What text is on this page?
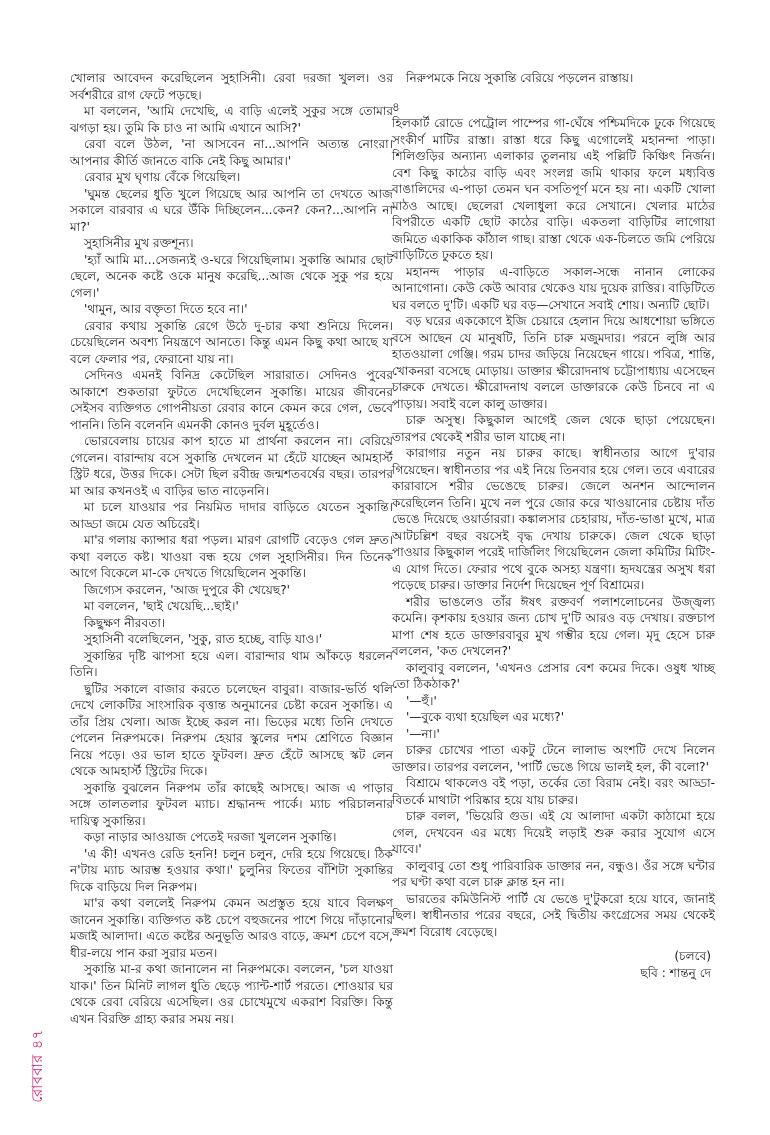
খোলার আবেদন করেছিলেন সুহাসিনী। রেবা দরজা খুলল। ওর সর্বশরীরে রাগ ফেটে পড়ছে।

মা বললেন, 'আমি দেখেছি, এ বাড়ি এলেই সুকুর সঙ্গে তোমার ঝগড়া হয়। তুমি কি চাও না আমি এখানে আসি?'

রেবা বলে উঠল, 'না আসবেন না...আপনি অত্যন্ত নোংরা। আপনার কীর্তি জানতে বাকি নেই কিছু আমার।'

রেবার মুখ ঘৃণায় বেঁকে গিয়েছিল।

'ঘুমন্ত ছেলের ধুতি খুলে গিয়েছে আর আপনি তা দেখতে আজ সকালে বারবার এ ঘরে উঁকি দিচ্ছিলেন...কেন? কেন?...আপনি না মা?'

সুহাসিনীর মুখ রক্তশূন্য।

'হ্যাঁ আমি মা...সেজন্যই ও-ঘরে গিয়েছিলাম। সুকান্তি আমার ছোট ছেলে, অনেক কষ্টে ওকে মানুষ করেছি...আজ থেকে সুকু পর হয়ে গেল।'

'থামুন, আর বক্তৃতা দিতে হবে না।'

রেবার কথায় সুকান্তি রেগে উঠে দু-চার কথা শুনিয়ে দিলেন। চেয়েছিলেন অবশ্য নিয়ন্ত্রণে আনতে। কিন্তু এমন কিছু কথা আছে যা বলে ফেলার পর, ফেরানো যায় না।

সেদিনও এমনই বিনিদ্র কেটেছিল সারারাত। সেদিনও পুবের আকাশে শুকতারা ফুটতে দেখেছিলেন সুকান্তি। মায়ের জীবনের সেইসব ব্যক্তিগত গোপনীয়তা রেবার কানে কেমন করে গেল, ভেবে পাননি। তিনি বলেননি এমনকী কোনও দুর্বল মুহূর্তেও।

ভোরবেলায় চায়ের কাপ হাতে মা প্রার্থনা করলেন না। বেরিয়ে গেলেন। বারান্দায় বসে সুকান্তি দেখলেন মা হেঁটে যাচ্ছেন আমহার্স্ট স্ট্রিট ধরে, উত্তর দিকে। সেটা ছিল রবীন্দ্র জন্মশতবর্ষের বছর। তারপর মা আর কখনওই এ বাড়ির ভাত নাড়েননি।

মা চলে যাওয়ার পর নিয়মিত দাদার বাড়িতে যেতেন সুকান্তি। আড্ডা জমে যেত অচিরেই।

মা'র গলায় ক্যান্সার ধরা পড়ল। মারণ রোগটি বেড়েও গেল দ্রুত। কথা বলতে কষ্ট। খাওয়া বন্ধ হয়ে গেল সুহাসিনীর। দিন তিনেক আগে বিকেলে মা-কে দেখতে গিয়েছিলেন সুকান্তি।

জিগ্যেস করলেন, 'আজ দুপুরে কী খেয়েছ?'

মা বললেন, 'ছাই খেয়েছি...ছাই।'

কিছুক্ষণ নীরবতা।

সুহাসিনী বলেছিলেন, 'সুকু, রাত হচ্ছে, বাড়ি যাও।'

সুকান্তির দৃষ্টি ঝাপসা হয়ে এল। বারান্দার থাম আঁকড়ে ধরলেন তিনি।

ছুটির সকালে বাজার করতে চলেছেন বাবুরা। বাজার-ভর্তি থলি দেখে লোকটির সাংসারিক বৃত্তান্ত অনুমানের চেষ্টা করেন সুকান্তি। এ তাঁর প্রিয় খেলা। আজ ইচ্ছে করল না। ভিড়ের মধ্যে তিনি দেখতে পেলেন নিরুপমকে। নিরুপম হেয়ার স্কুলের দশম শ্রেণিতে বিজ্ঞান নিয়ে পড়ে। ওর ভাল হাতে ফুটবল। দ্রুত হেঁটে আসছে স্কট লেন থেকে আমহার্স্ট স্ট্রিটের দিকে।

সুকান্তি বুঝলেন নিরুপম তাঁর কাছেই আসছে। আজ এ পাড়ার সঙ্গে তালতলার ফুটবল ম্যাচ। শ্রদ্ধানন্দ পার্কে। ম্যাচ পরিচালনার দায়িত্ব সুকান্তির।

কড়া নাড়ার আওয়াজ পেতেই দরজা খুললেন সুকান্তি।

'এ কী! এখনও রেডি হননি! চলুন চলুন, দেরি হয়ে গিয়েছে। ঠিক ন'টায় ম্যাচ আরম্ভ হওয়ার কথা।' চুলুনির ফিতের বাঁশিটা সুকান্তির দিকে বাড়িয়ে দিল নিরুপম।

মা'র কথা বললেই নিরুপম কেমন অপ্রস্তুত হয়ে যাবে বিলক্ষণ জানেন সুকান্তি। ব্যক্তিগত কষ্ট চেপে বহুজনের পাশে গিয়ে দাঁড়ানোর মজাই আলাদা। এতে কষ্টের অনুভূতি আরও বাড়ে, ক্রমশ চেপে বসে, ধীর-লয়ে পান করা সুরার মতন।

সুকান্তি মা-র কথা জানালেন না নিরুপমকে। বললেন, 'চল যাওয়া যাক।' তিন মিনিট লাগল ধুতি ছেড়ে প্যান্ট-শার্ট পরতে। শোওয়ার ঘর থেকে রেবা বেরিয়ে এসেছিল। ওর চোখেমুখে একরাশ বিরক্তি। কিন্তু এখন বিরক্তি গ্রাহ্য করার সময় নয়।

নিরুপমকে নিয়ে সুকান্তি বেরিয়ে পড়লেন রাস্তায়।

৪

হিলকার্ট রোডে পেট্রোল পাম্পের গা-ঘেঁষে পশ্চিমদিকে ঢুকে গিয়েছে সংকীর্ণ মাটির রাস্তা। রাস্তা ধরে কিছু এগোলেই মহানন্দা পাড়া। শিলিগুড়ির অন্যান্য এলাকার তুলনায় এই পল্লিটি কিঞ্চিৎ নির্জন। বেশ কিছু কাঠের বাড়ি এবং সংলগ্ন জমি থাকার ফলে মধ্যবিত্ত বাঙালিদের এ-পাড়া তেমন ঘন বসতিপূর্ণ মনে হয় না। একটি খোলা মাঠও আছে। ছেলেরা খেলাধুলা করে সেখানে। খেলার মাঠের বিপরীতে একটি ছোট কাঠের বাড়ি। একতলা বাড়িটির লাগোয়া জমিতে একাকিক কাঁঠাল গাছ। রাস্তা থেকে এক-চিলতে জমি পেরিয়ে বাড়িটিতে ঢুকতে হয়।

মহানন্দ পাড়ার এ-বাড়িতে সকাল-সন্ধে নানান লোকের আনাগোনা। কেউ কেউ আবার থেকেও যায় দুয়েক রাত্তির। বাড়িটিতে ঘর বলতে দু'টি। একটি ঘর বড়—সেখানে সবাই শোয়। অন্যটি ছোট।

বড় ঘরের এককোণে ইজি চেয়ারে হেলান দিয়ে আধশোয়া ভঙ্গিতে বসে আছেন যে মানুষটি, তিনি চারু মজুমদার। পরনে লুঙ্গি আর হাতওয়ালা গেঞ্জি। গরম চাদর জড়িয়ে নিয়েছেন গায়ে। পবিত্র, শান্তি, খোকনরা বসেছে মোড়ায়। ডাক্তার ক্ষীরোদনাথ চট্টোপাধ্যায় এসেছেন চারুকে দেখতে। ক্ষীরোদনাথ বললে ডাক্তারকে কেউ চিনবে না এ পাড়ায়। সবাই বলে কালু ডাক্তার।

চারু অসুস্থ। কিছুকাল আগেই জেল থেকে ছাড়া পেয়েছেন। তারপর থেকেই শরীর ভাল যাচ্ছে না।

কারাগার নতুন নয় চারুর কাছে। স্বাধীনতার আগে দু'বার গিয়েছেন। স্বাধীনতার পর এই নিয়ে তিনবার হয়ে গেল। তবে এবারের কারাবাসে শরীর ভেঙেছে চারুর। জেলে অনশন আন্দোলন করেছিলেন তিনি। মুখে নল পুরে জোর করে খাওয়ানোর চেষ্টায় দাঁত ভেঙে দিয়েছে ওয়ার্ডাররা। কঙ্কালসার চেহারায়, দাঁত-ভাঙা মুখে, মাত্র আটচল্লিশ বছর বয়সেই বৃদ্ধ দেখায় চারুকে। জেল থেকে ছাড়া পাওয়ার কিছুকাল পরেই দার্জিলিং গিয়েছিলেন জেলা কমিটির মিটিং-এ যোগ দিতে। ফেরার পথে বুকে অসহ্য যন্ত্রণা। হৃদযন্ত্রের অসুখ ধরা পড়েছে চারুর। ডাক্তার নির্দেশ দিয়েছেন পূর্ণ বিশ্রামের।

শরীর ভাঙলেও তাঁর ঈষৎ রক্তবর্ণ পলাশলোচনের উজ্জ্বল্য কমেনি। কৃশকায় হওয়ার জন্য চোখ দু'টি আরও বড় দেখায়। রক্তচাপ মাপা শেষ হতে ডাক্তারবাবুর মুখ গম্ভীর হয়ে গেল। মৃদু হেসে চারু বললেন, 'কত দেখলেন?'

কালুবাবু বললেন, 'এখনও প্রেসার বেশ কমের দিকে। ওষুধ খাচ্ছ তো ঠিকঠাক?'

'—হুঁ।'

'—বুকে ব্যথা হয়েছিল এর মধ্যে?'

'—না।'

চারুর চোখের পাতা একটু টেনে লালাভ অংশটি দেখে নিলেন ডাক্তার। তারপর বললেন, 'পার্টি ভেঙে গিয়ে ভালই হল, কী বলো?'

বিশ্রামে থাকলেও বই পড়া, তর্কের তো বিরাম নেই। বরং আড্ডা-বিতর্কে মাথাটা পরিষ্কার হয়ে যায় চারুর।

চারু বলল, 'ভিয়েরি গুড। এই যে আলাদা একটা কাঠামো হয়ে গেল, দেখবেন এর মধ্যে দিয়েই লড়াই শুরু করার সুযোগ এসে যাবে।'

কালুবাবু তো শুধু পারিবারিক ডাক্তার নন, বন্ধুও। ওঁর সঙ্গে ঘন্টার পর ঘণ্টা কথা বলে চারু ক্লান্ত হন না।

ভারতের কমিউনিস্ট পার্টি যে ভেঙে দু'টুকরো হয়ে যাবে, জানাই ছিল। স্বাধীনতার পরের বছরে, সেই দ্বিতীয় কংগ্রেসের সময় থেকেই ক্রমশ বিরোধ বেড়েছে।

(চলবে)
ছবি : শান্তনু দে
রোববার ৪৭
